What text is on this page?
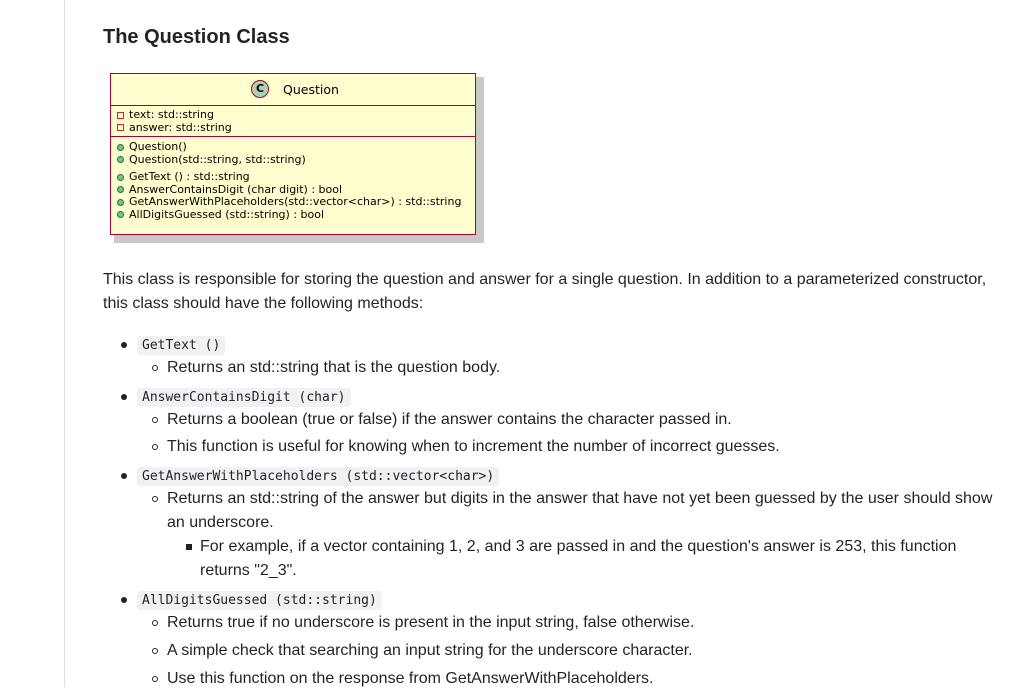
The Question Class
C	Question
text: std::string
answer: std::string
Question()
Question(std::string, std::string)
GetText () : std::string
AnswerContainsDigit (char digit) : bool
GetAnswerWithPlaceholders(std::vector<char>) : std::string
AllDigitsGuessed (std::string) : bool

This class is responsible for storing the question and answer for a single question. In addition to a parameterized constructor, this class should have the following methods:

GetText ()
Returns an std::string that is the question body.
AnswerContainsDigit (char)
Returns a boolean (true or false) if the answer contains the character passed in.
This function is useful for knowing when to increment the number of incorrect guesses.
GetAnswerWithPlaceholders (std::vector<char>)
Returns an std::string of the answer but digits in the answer that have not yet been guessed by the user should show an underscore.
For example, if a vector containing 1, 2, and 3 are passed in and the question's answer is 253, this function returns "2_3".
AllDigitsGuessed (std::string)
Returns true if no underscore is present in the input string, false otherwise.
A simple check that searching an input string for the underscore character.
Use this function on the response from GetAnswerWithPlaceholders.
